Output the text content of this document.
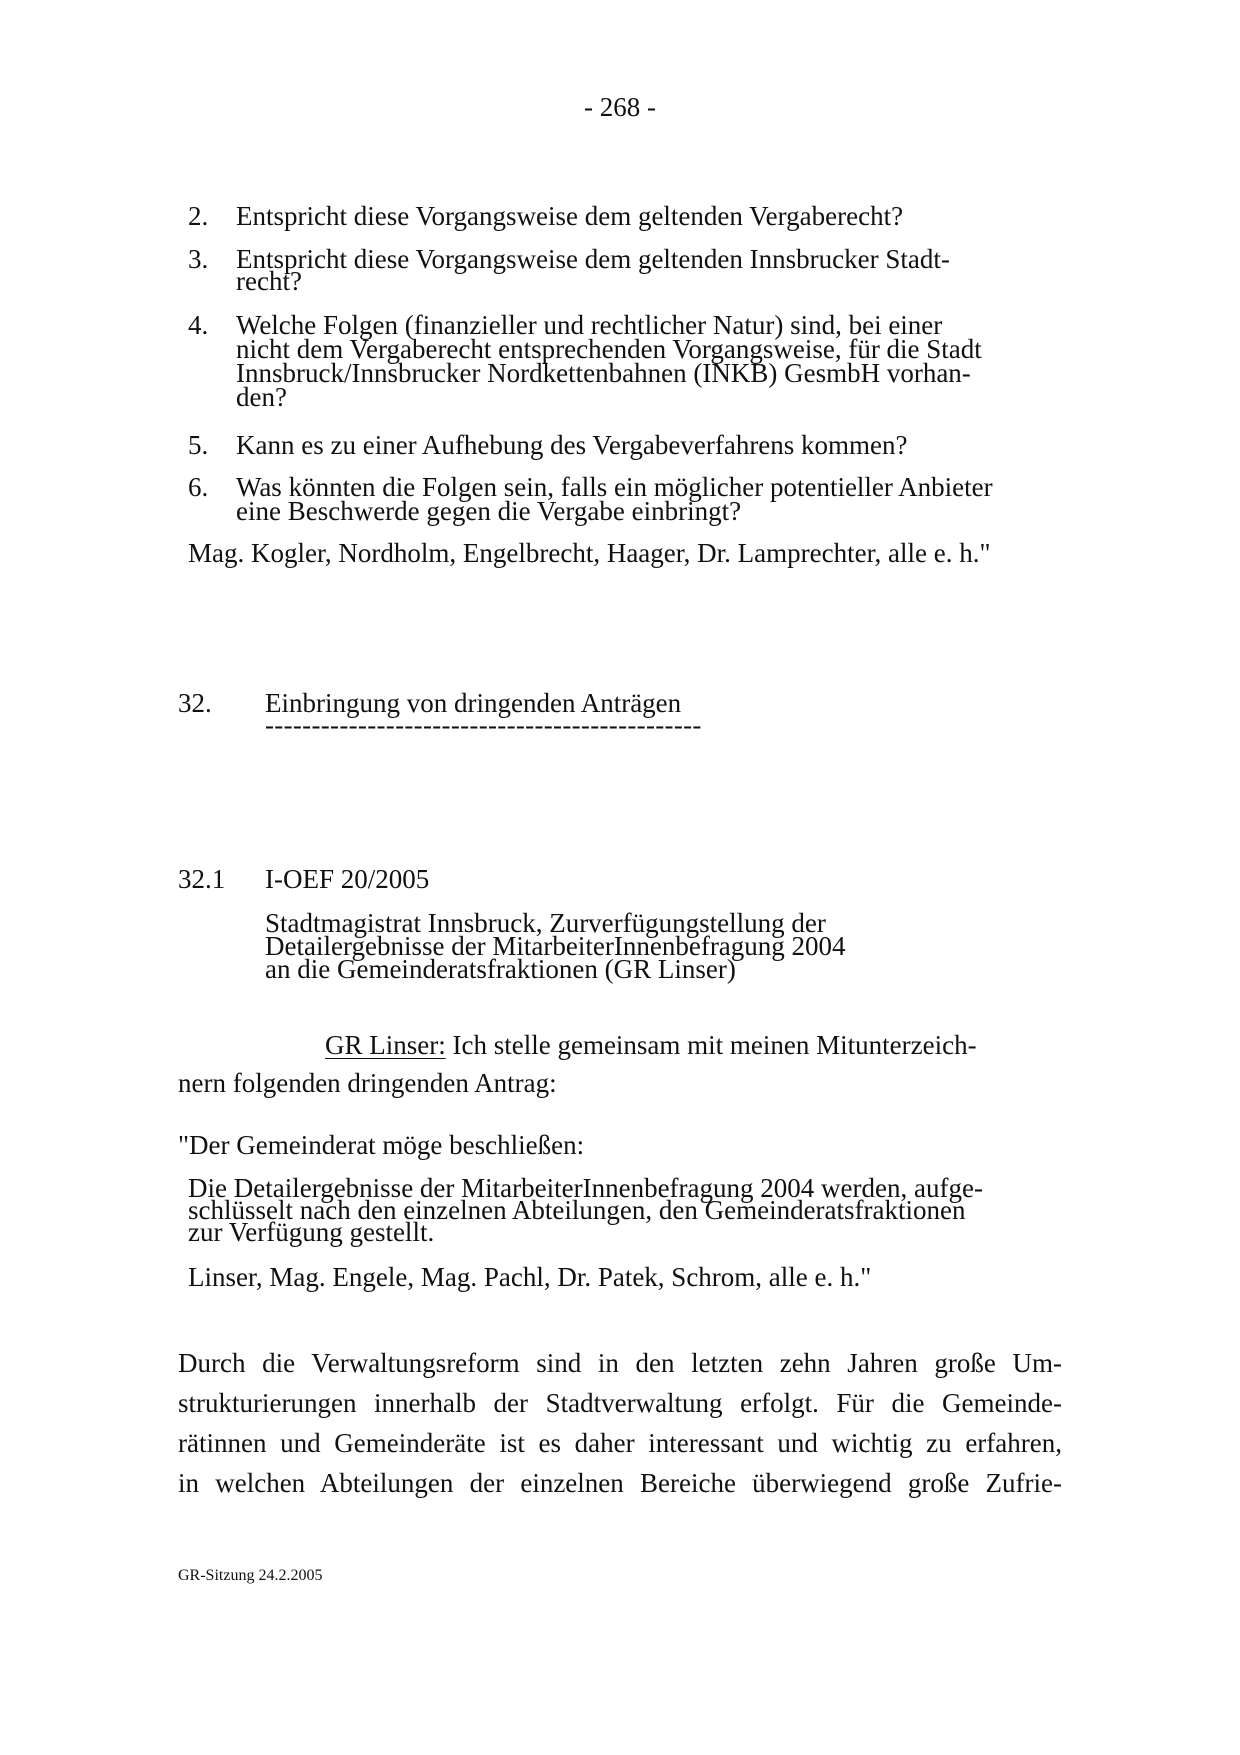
- 268 -
2. Entspricht diese Vorgangsweise dem geltenden Vergaberecht?
3. Entspricht diese Vorgangsweise dem geltenden Innsbrucker Stadt-
recht?
4. Welche Folgen (finanzieller und rechtlicher Natur) sind, bei einer
nicht dem Vergaberecht entsprechenden Vorgangsweise, für die Stadt
Innsbruck/Innsbrucker Nordkettenbahnen (INKB) GesmbH vorhan-
den?
5. Kann es zu einer Aufhebung des Vergabeverfahrens kommen?
6. Was könnten die Folgen sein, falls ein möglicher potentieller Anbieter
eine Beschwerde gegen die Vergabe einbringt?
Mag. Kogler, Nordholm, Engelbrecht, Haager, Dr. Lamprechter, alle e. h."
32. Einbringung von dringenden Anträgen
-----------------------------------------------
32.1 I-OEF 20/2005
Stadtmagistrat Innsbruck, Zurverfügungstellung der
Detailergebnisse der MitarbeiterInnenbefragung 2004
an die Gemeinderatsfraktionen (GR Linser)
GR Linser: Ich stelle gemeinsam mit meinen Mitunterzeich-
nern folgenden dringenden Antrag:
"Der Gemeinderat möge beschließen:
Die Detailergebnisse der MitarbeiterInnenbefragung 2004 werden, aufge-
schlüsselt nach den einzelnen Abteilungen, den Gemeinderatsfraktionen
zur Verfügung gestellt.
Linser, Mag. Engele, Mag. Pachl, Dr. Patek, Schrom, alle e. h."
Durch die Verwaltungsreform sind in den letzten zehn Jahren große Um-
strukturierungen innerhalb der Stadtverwaltung erfolgt. Für die Gemeinde-
rätinnen und Gemeinderäte ist es daher interessant und wichtig zu erfahren,
in welchen Abteilungen der einzelnen Bereiche überwiegend große Zufrie-
GR-Sitzung 24.2.2005
